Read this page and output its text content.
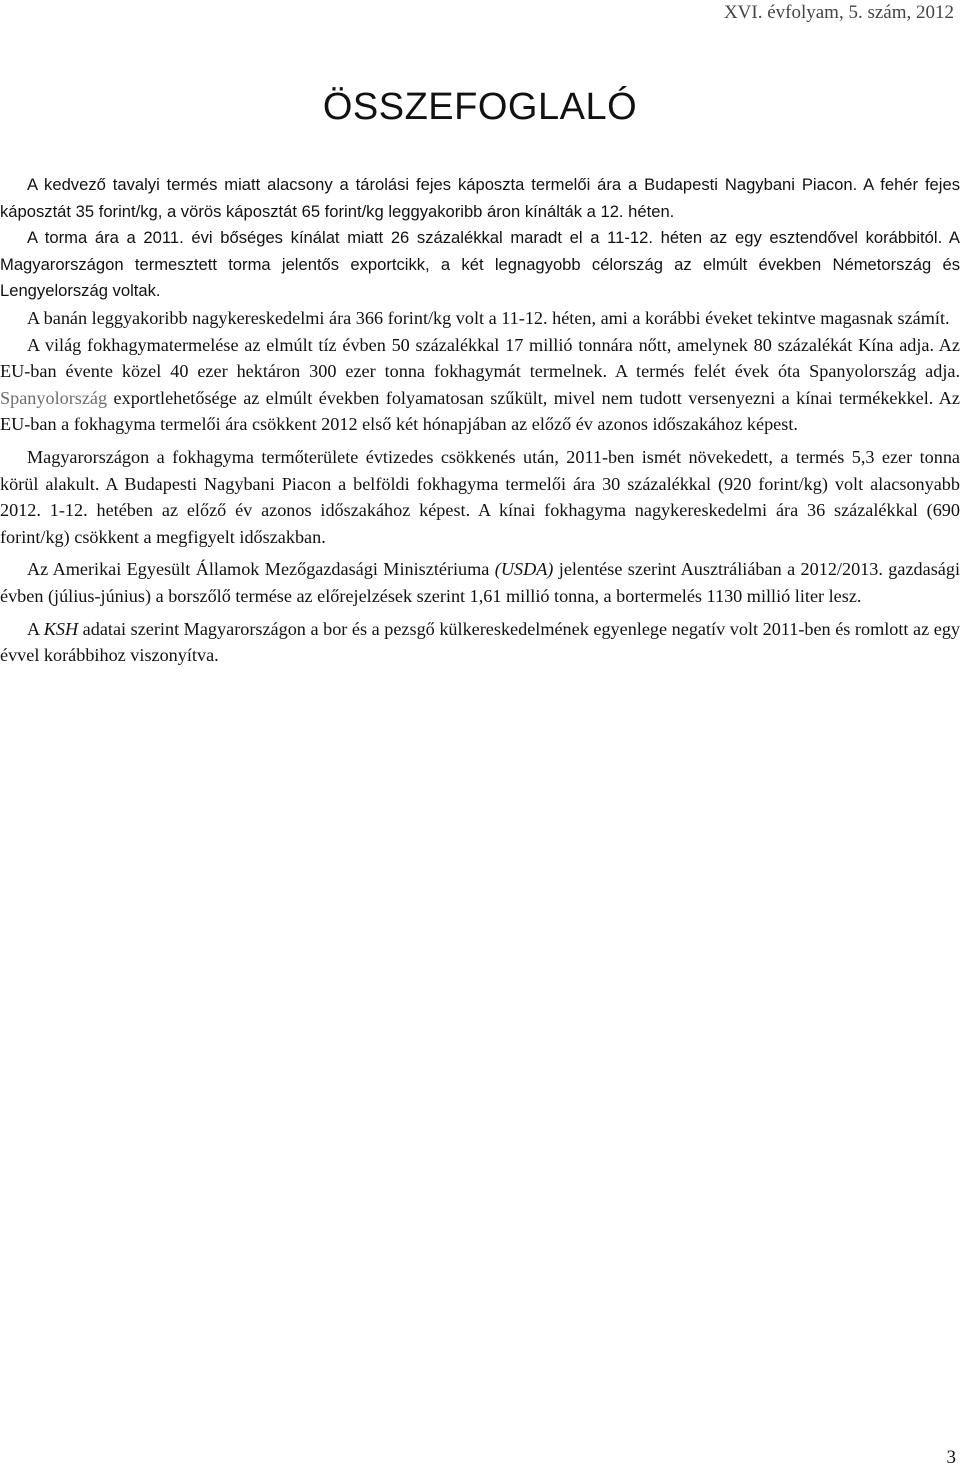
XVI. évfolyam, 5. szám, 2012
ÖSSZEFOGLALÓ

A kedvező tavalyi termés miatt alacsony a tárolási fejes káposzta termelői ára a Budapesti Nagybani Piacon. A fehér fejes káposztát 35 forint/kg, a vörös káposztát 65 forint/kg leggyakoribb áron kínálták a 12. héten.

A torma ára a 2011. évi bőséges kínálat miatt 26 százalékkal maradt el a 11-12. héten az egy esztendővel korábbitól. A Magyarországon termesztett torma jelentős exportcikk, a két legnagyobb célország az elmúlt években Németország és Lengyelország voltak.

A banán leggyakoribb nagykereskedelmi ára 366 forint/kg volt a 11-12. héten, ami a korábbi éveket tekintve magasnak számít.

A világ fokhagymatermelése az elmúlt tíz évben 50 százalékkal 17 millió tonnára nőtt, amelynek 80 százalékát Kína adja. Az EU-ban évente közel 40 ezer hektáron 300 ezer tonna fokhagymát termelnek. A termés felét évek óta Spanyolország adja. Spanyolország exportlehetősége az elmúlt években folyamatosan szűkült, mivel nem tudott versenyezni a kínai termékekkel. Az EU-ban a fokhagyma termelői ára csökkent 2012 első két hónapjában az előző év azonos időszakához képest.

Magyarországon a fokhagyma termőterülete évtizedes csökkenés után, 2011-ben ismét növekedett, a termés 5,3 ezer tonna körül alakult. A Budapesti Nagybani Piacon a belföldi fokhagyma termelői ára 30 százalékkal (920 forint/kg) volt alacsonyabb 2012. 1-12. hetében az előző év azonos időszakához képest. A kínai fokhagyma nagykereskedelmi ára 36 százalékkal (690 forint/kg) csökkent a megfigyelt időszakban.

Az Amerikai Egyesült Államok Mezőgazdasági Minisztériuma (USDA) jelentése szerint Ausztráliában a 2012/2013. gazdasági évben (július-június) a borszőlő termése az előrejelzések szerint 1,61 millió tonna, a bortermelés 1130 millió liter lesz.

A KSH adatai szerint Magyarországon a bor és a pezsgő külkereskedelmének egyenlege negatív volt 2011-ben és romlott az egy évvel korábbihoz viszonyítva.

3
